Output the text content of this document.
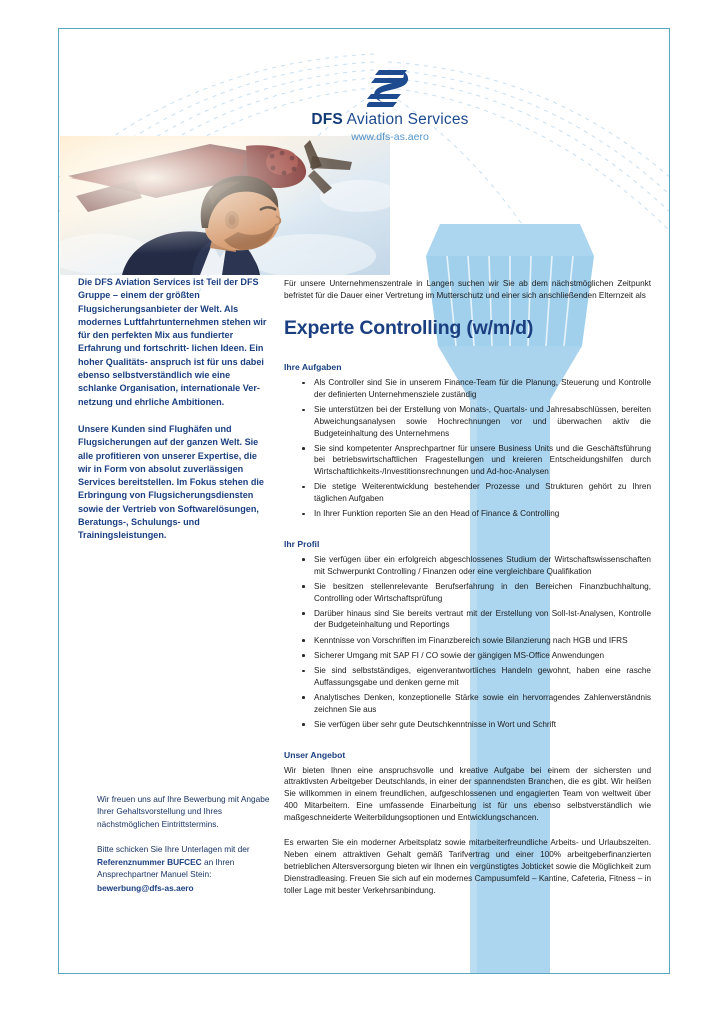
DFS Aviation Services
www.dfs-as.aero

Die DFS Aviation Services ist Teil der DFS Gruppe – einem der größten Flugsicherungsanbieter der Welt. Als modernes Luftfahrtunternehmen stehen wir für den perfekten Mix aus fundierter Erfahrung und fortschritt- lichen Ideen. Ein hoher Qualitäts- anspruch ist für uns dabei ebenso selbstverständlich wie eine schlanke Organisation, internationale Ver- netzung und ehrliche Ambitionen.

Unsere Kunden sind Flughäfen und Flugsicherungen auf der ganzen Welt. Sie alle profitieren von unserer Expertise, die wir in Form von absolut zuverlässigen Services bereitstellen. Im Fokus stehen die Erbringung von Flugsicherungsdiensten sowie der Vertrieb von Softwarelösungen, Beratungs-, Schulungs- und Trainingsleistungen.

Wir freuen uns auf Ihre Bewerbung mit Angabe Ihrer Gehaltsvorstellung und Ihres nächstmöglichen Eintrittstermins.

Bitte schicken Sie Ihre Unterlagen mit der Referenznummer BUFCEC an Ihren Ansprechpartner Manuel Stein:
bewerbung@dfs-as.aero

Für unsere Unternehmenszentrale in Langen suchen wir Sie ab dem nächstmöglichen Zeitpunkt befristet für die Dauer einer Vertretung im Mutterschutz und einer sich anschließenden Elternzeit als

Experte Controlling (w/m/d)
Ihre Aufgaben
Als Controller sind Sie in unserem Finance-Team für die Planung, Steuerung und Kontrolle der definierten Unternehmensziele zuständig
Sie unterstützen bei der Erstellung von Monats-, Quartals- und Jahresabschlüssen, bereiten Abweichungsanalysen sowie Hochrechnungen vor und überwachen aktiv die Budgeteinhaltung des Unternehmens
Sie sind kompetenter Ansprechpartner für unsere Business Units und die Geschäftsführung bei betriebswirtschaftlichen Fragestellungen und kreieren Entscheidungshilfen durch Wirtschaftlichkeits-/Investitionsrechnungen und Ad-hoc-Analysen
Die stetige Weiterentwicklung bestehender Prozesse und Strukturen gehört zu Ihren täglichen Aufgaben
In Ihrer Funktion reporten Sie an den Head of Finance & Controlling
Ihr Profil
Sie verfügen über ein erfolgreich abgeschlossenes Studium der Wirtschaftswissenschaften mit Schwerpunkt Controlling / Finanzen oder eine vergleichbare Qualifikation
Sie besitzen stellenrelevante Berufserfahrung in den Bereichen Finanzbuchhaltung, Controlling oder Wirtschaftsprüfung
Darüber hinaus sind Sie bereits vertraut mit der Erstellung von Soll-Ist-Analysen, Kontrolle der Budgeteinhaltung und Reportings
Kenntnisse von Vorschriften im Finanzbereich sowie Bilanzierung nach HGB und IFRS
Sicherer Umgang mit SAP FI / CO sowie der gängigen MS-Office Anwendungen
Sie sind selbstständiges, eigenverantwortliches Handeln gewohnt, haben eine rasche Auffassungsgabe und denken gerne mit
Analytisches Denken, konzeptionelle Stärke sowie ein hervorragendes Zahlenverständnis zeichnen Sie aus
Sie verfügen über sehr gute Deutschkenntnisse in Wort und Schrift
Unser Angebot

Wir bieten Ihnen eine anspruchsvolle und kreative Aufgabe bei einem der sichersten und attraktivsten Arbeitgeber Deutschlands, in einer der spannendsten Branchen, die es gibt. Wir heißen Sie willkommen in einem freundlichen, aufgeschlossenen und engagierten Team von weltweit über 400 Mitarbeitern. Eine umfassende Einarbeitung ist für uns ebenso selbstverständlich wie maßgeschneiderte Weiterbildungsoptionen und Entwicklungschancen.

Es erwarten Sie ein moderner Arbeitsplatz sowie mitarbeiterfreundliche Arbeits- und Urlaubszeiten. Neben einem attraktiven Gehalt gemäß Tarifvertrag und einer 100% arbeitgeberfinanzierten betrieblichen Altersversorgung bieten wir Ihnen ein vergünstigtes Jobticket sowie die Möglichkeit zum Dienstradleasing. Freuen Sie sich auf ein modernes Campusumfeld – Kantine, Cafeteria, Fitness – in toller Lage mit bester Verkehrsanbindung.
